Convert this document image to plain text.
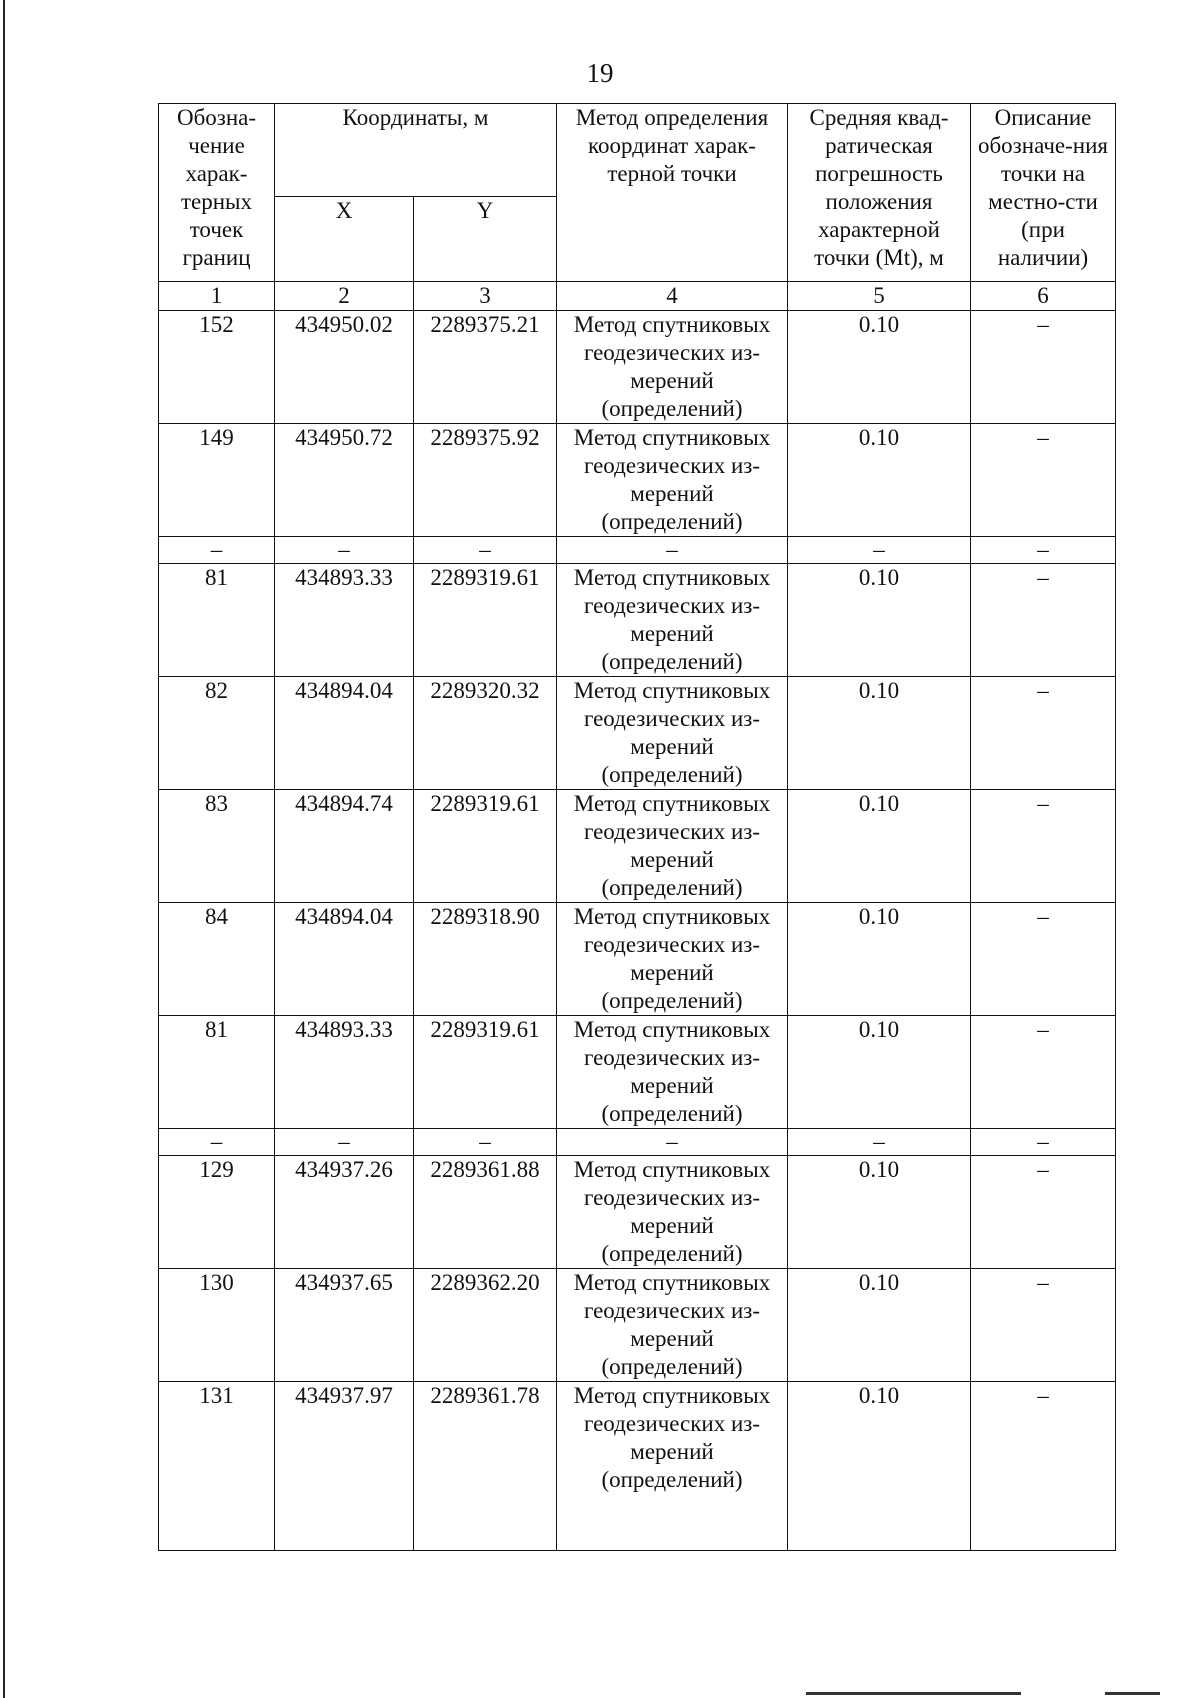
19
Обозна-чение харак-терных точек границ	Координаты, м		Метод определения координат харак-терной точки	Средняя квад-ратическая погрешность положения характерной точки (Mt), м	Описание обозначе-ния точки на местно-сти (при наличии)
	X	Y			
1	2	3	4	5	6
152	434950.02	2289375.21	Метод спутниковых геодезических из-мерений (определений)	0.10	–
149	434950.72	2289375.92	Метод спутниковых геодезических из-мерений (определений)	0.10	–
–	–	–	–	–	–
81	434893.33	2289319.61	Метод спутниковых геодезических из-мерений (определений)	0.10	–
82	434894.04	2289320.32	Метод спутниковых геодезических из-мерений (определений)	0.10	–
83	434894.74	2289319.61	Метод спутниковых геодезических из-мерений (определений)	0.10	–
84	434894.04	2289318.90	Метод спутниковых геодезических из-мерений (определений)	0.10	–
81	434893.33	2289319.61	Метод спутниковых геодезических из-мерений (определений)	0.10	–
–	–	–	–	–	–
129	434937.26	2289361.88	Метод спутниковых геодезических из-мерений (определений)	0.10	–
130	434937.65	2289362.20	Метод спутниковых геодезических из-мерений (определений)	0.10	–
131	434937.97	2289361.78	Метод спутниковых геодезических из-мерений (определений)	0.10	–
